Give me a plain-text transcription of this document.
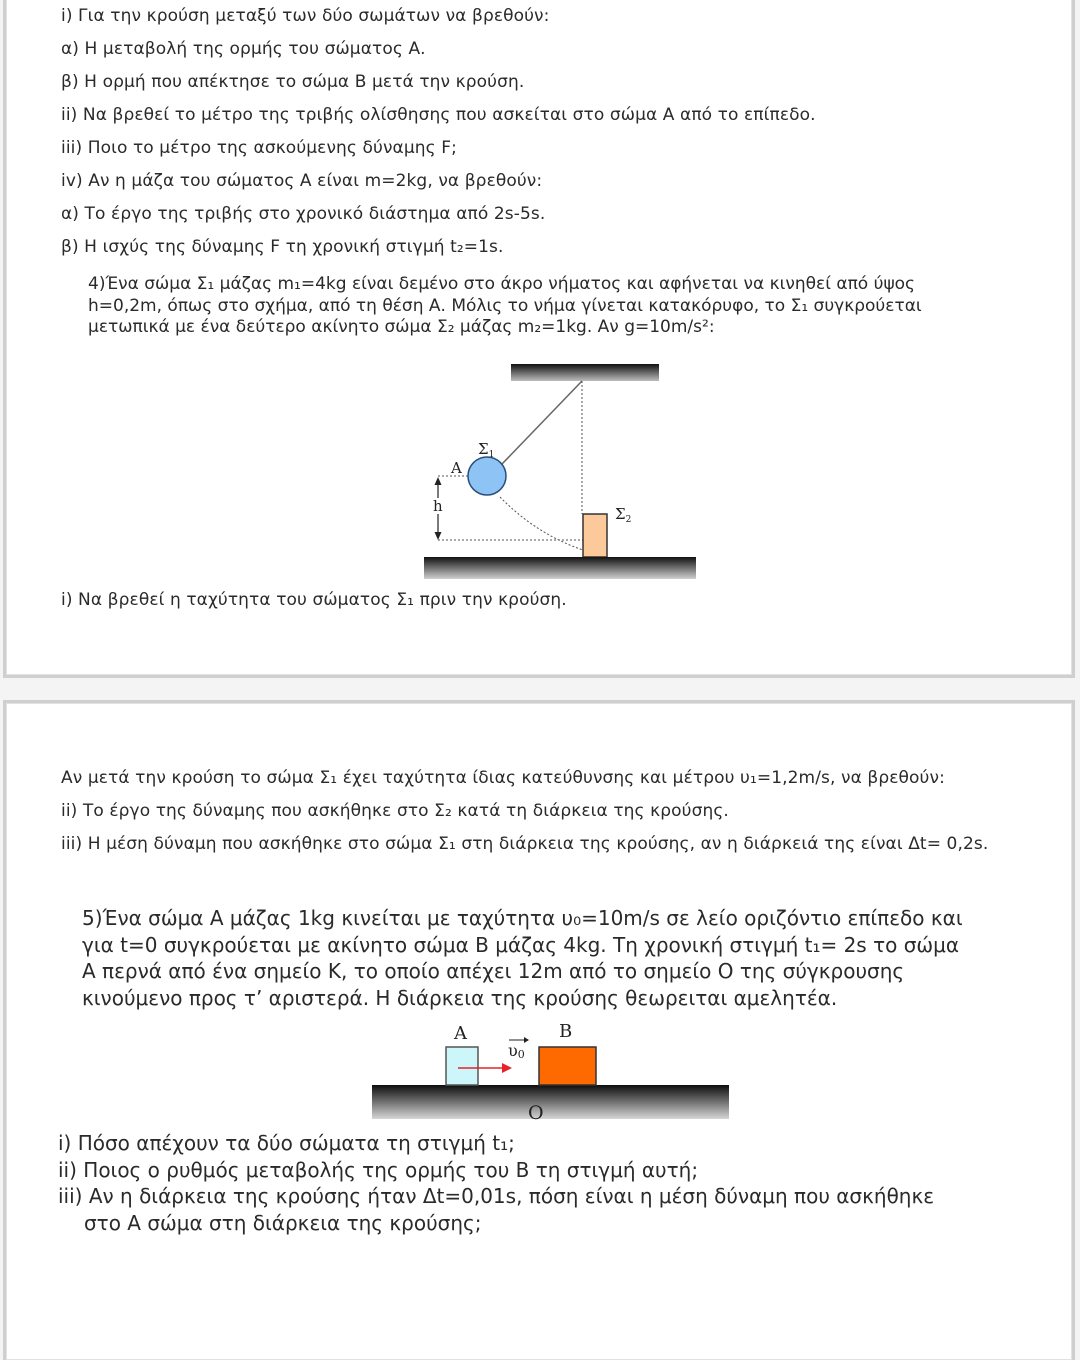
i) Για την κρούση μεταξύ των δύο σωμάτων να βρεθούν:
α) Η μεταβολή της ορμής του σώματος Α.
β) Η ορμή που απέκτησε το σώμα Β μετά την κρούση.
ii) Να βρεθεί το μέτρο της τριβής ολίσθησης που ασκείται στο σώμα Α από το επίπεδο.
iii) Ποιο το μέτρο της ασκούμενης δύναμης F;
iv) Αν η μάζα του σώματος Α είναι m=2kg, να βρεθούν:
α) Το έργο της τριβής στο χρονικό διάστημα από 2s-5s.
β) Η ισχύς της δύναμης F τη χρονική στιγμή t₂=1s.
4)Ένα σώμα Σ₁ μάζας m₁=4kg είναι δεμένο στο άκρο νήματος και αφήνεται να κινηθεί από ύψος
h=0,2m, όπως στο σχήμα, από τη θέση Α. Μόλις το νήμα γίνεται κατακόρυφο, το Σ₁ συγκρούεται
μετωπικά με ένα δεύτερο ακίνητο σώμα Σ₂ μάζας m₂=1kg. Αν g=10m/s²:
h
A
$\Sigma_1$
$\Sigma_2$
i) Να βρεθεί η ταχύτητα του σώματος Σ₁ πριν την κρούση.
Αν μετά την κρούση το σώμα Σ₁ έχει ταχύτητα ίδιας κατεύθυνσης και μέτρου υ₁=1,2m/s, να βρεθούν:
ii) Το έργο της δύναμης που ασκήθηκε στο Σ₂ κατά τη διάρκεια της κρούσης.
iii) Η μέση δύναμη που ασκήθηκε στο σώμα Σ₁ στη διάρκεια της κρούσης, αν η διάρκειά της είναι Δt= 0,2s.
5)Ένα σώμα Α μάζας 1kg κινείται με ταχύτητα υ₀=10m/s σε λείο οριζόντιο επίπεδο και
για t=0 συγκρούεται με ακίνητο σώμα Β μάζας 4kg. Τη χρονική στιγμή t₁= 2s το σώμα
Α περνά από ένα σημείο Κ, το οποίο απέχει 12m από το σημείο Ο της σύγκρουσης
κινούμενο προς τ’ αριστερά. Η διάρκεια της κρούσης θεωρειται αμελητέα.
A	B
υ0
O
i) Πόσο απέχουν τα δύο σώματα τη στιγμή t₁;
ii) Ποιος ο ρυθμός μεταβολής της ορμής του Β τη στιγμή αυτή;
iii) Αν η διάρκεια της κρούσης ήταν Δt=0,01s, πόση είναι η μέση δύναμη που ασκήθηκε
στο Α σώμα στη διάρκεια της κρούσης;
